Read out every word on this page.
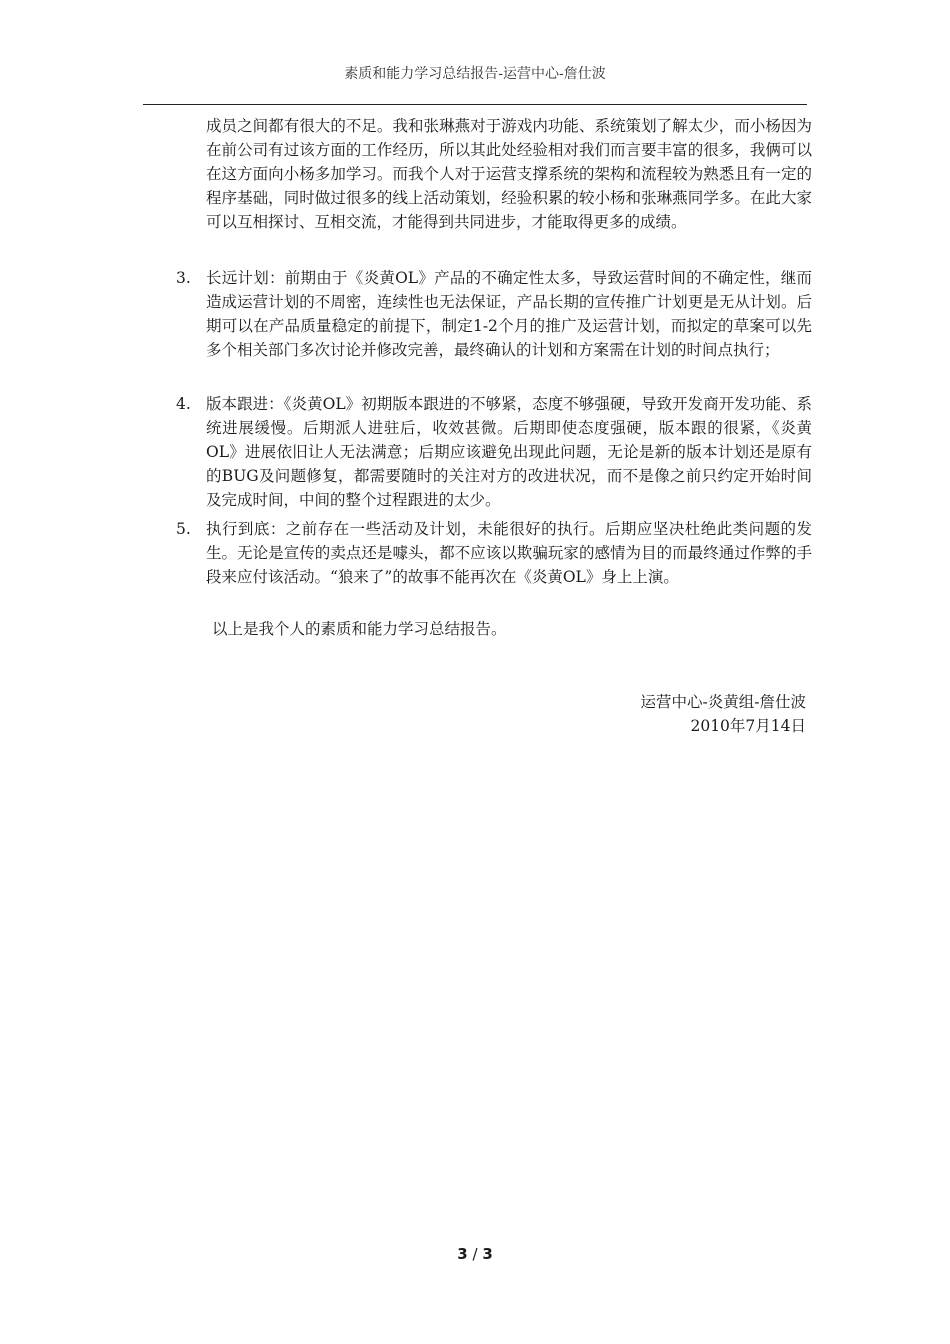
素质和能力学习总结报告-运营中心-詹仕波

成员之间都有很大的不足。我和张琳燕对于游戏内功能、系统策划了解太少，而小杨因为在前公司有过该方面的工作经历，所以其此处经验相对我们而言要丰富的很多，我俩可以在这方面向小杨多加学习。而我个人对于运营支撑系统的架构和流程较为熟悉且有一定的程序基础，同时做过很多的线上活动策划，经验积累的较小杨和张琳燕同学多。在此大家可以互相探讨、互相交流，才能得到共同进步，才能取得更多的成绩。

3. 长远计划：前期由于《炎黄OL》产品的不确定性太多，导致运营时间的不确定性，继而造成运营计划的不周密，连续性也无法保证，产品长期的宣传推广计划更是无从计划。后期可以在产品质量稳定的前提下，制定1-2个月的推广及运营计划，而拟定的草案可以先多个相关部门多次讨论并修改完善，最终确认的计划和方案需在计划的时间点执行；

4. 版本跟进：《炎黄OL》初期版本跟进的不够紧，态度不够强硬，导致开发商开发功能、系统进展缓慢。后期派人进驻后，收效甚微。后期即使态度强硬，版本跟的很紧，《炎黄OL》进展依旧让人无法满意；后期应该避免出现此问题，无论是新的版本计划还是原有的BUG及问题修复，都需要随时的关注对方的改进状况，而不是像之前只约定开始时间及完成时间，中间的整个过程跟进的太少。

5. 执行到底：之前存在一些活动及计划，未能很好的执行。后期应坚决杜绝此类问题的发生。无论是宣传的卖点还是噱头，都不应该以欺骗玩家的感情为目的而最终通过作弊的手段来应付该活动。“狼来了”的故事不能再次在《炎黄OL》身上上演。

以上是我个人的素质和能力学习总结报告。

运营中心-炎黄组-詹仕波
2010年7月14日
3 / 3
